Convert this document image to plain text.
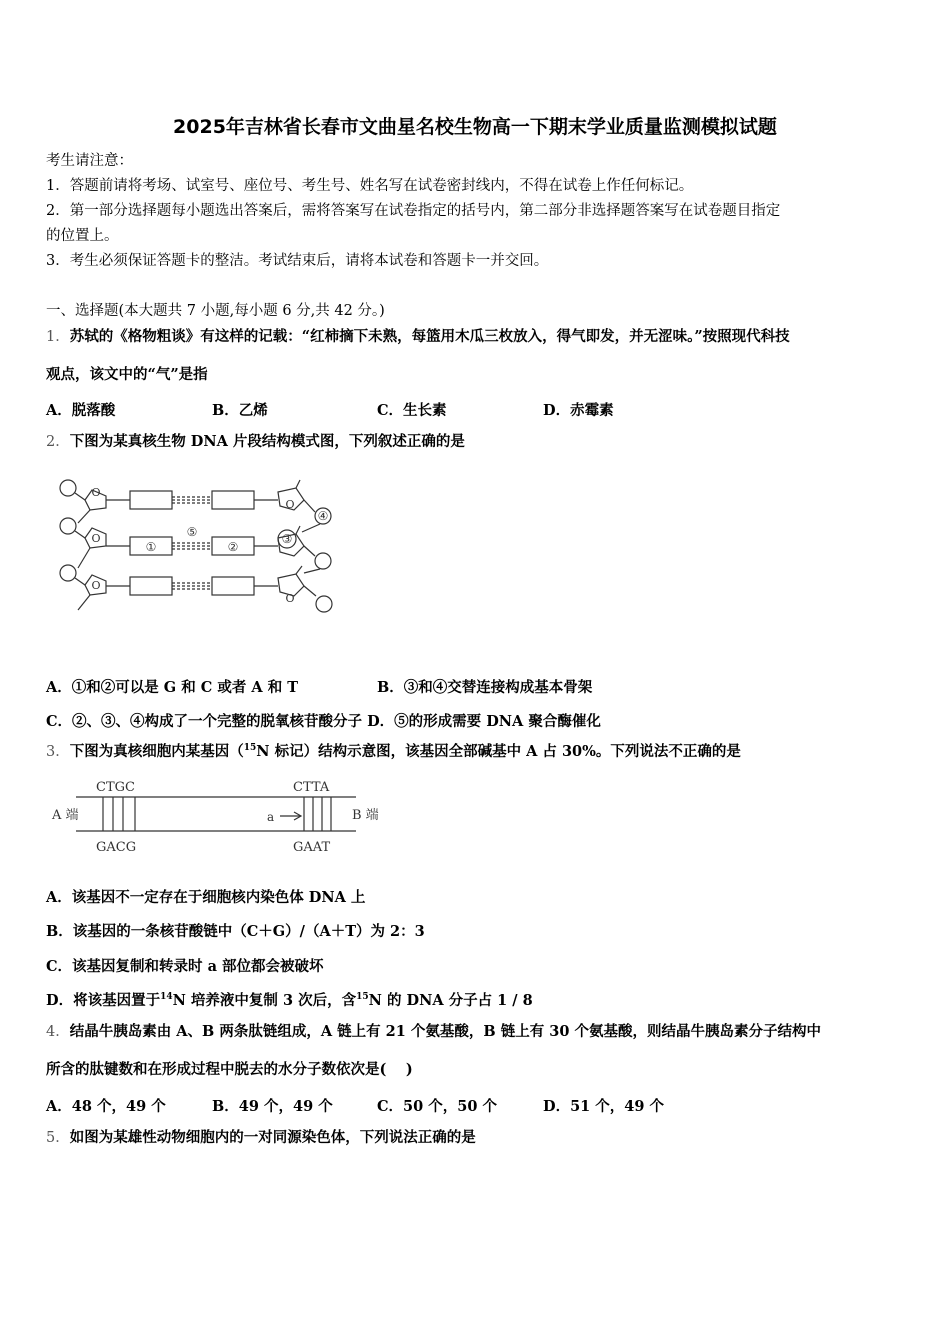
2025年吉林省长春市文曲星名校生物高一下期末学业质量监测模拟试题
考生请注意：
1．答题前请将考场、试室号、座位号、考生号、姓名写在试卷密封线内，不得在试卷上作任何标记。
2．第一部分选择题每小题选出答案后，需将答案写在试卷指定的括号内，第二部分非选择题答案写在试卷题目指定
的位置上。
3．考生必须保证答题卡的整洁。考试结束后，请将本试卷和答题卡一并交回。
一、选择题(本大题共 7 小题,每小题 6 分,共 42 分。)
1．苏轼的《格物粗谈》有这样的记载：“红柿摘下未熟，每篮用木瓜三枚放入，得气即发，并无涩味。”按照现代科技
观点，该文中的“气”是指
A．脱落酸	B．乙烯	C．生长素	D．赤霉素
2．下图为某真核生物 DNA 片段结构模式图，下列叙述正确的是
O
O
O
O
O
①	②
③
④
⑤
A．①和②可以是 G 和 C 或者 A 和 T	B．③和④交替连接构成基本骨架
C．②、③、④构成了一个完整的脱氧核苷酸分子 D．⑤的形成需要 DNA 聚合酶催化
3．下图为真核细胞内某基因（$^{15}$N 标记）结构示意图，该基因全部碱基中 A 占 30%。下列说法不正确的是
A 端	B 端
CTGC	CTTA
GACG	GAAT
a
A．该基因不一定存在于细胞核内染色体 DNA 上
B．该基因的一条核苷酸链中（C＋G）/（A＋T）为 2：3
C．该基因复制和转录时 a 部位都会被破坏
D．将该基因置于$^{14}$N 培养液中复制 3 次后，含$^{15}$N 的 DNA 分子占 1 / 8
4．结晶牛胰岛素由 A、B 两条肽链组成，A 链上有 21 个氨基酸，B 链上有 30 个氨基酸，则结晶牛胰岛素分子结构中
所含的肽键数和在形成过程中脱去的水分子数依次是(　 )
A．48 个，49 个	B．49 个，49 个	C．50 个，50 个	D．51 个，49 个
5．如图为某雄性动物细胞内的一对同源染色体，下列说法正确的是
